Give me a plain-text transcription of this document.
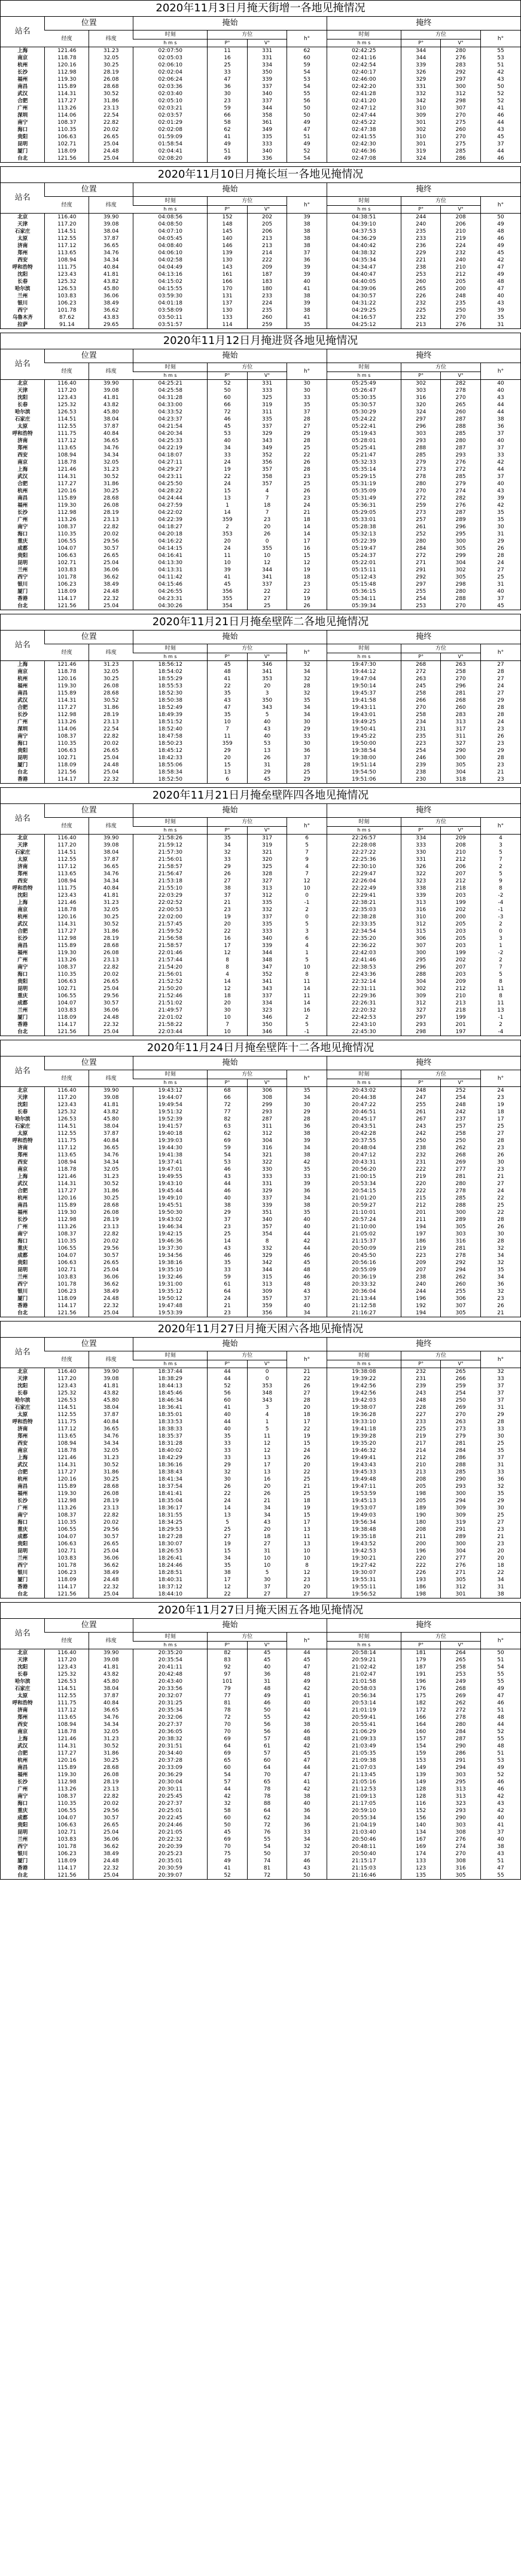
2020年11月3日月掩天街增一各地见掩情况
站名	位置		掩始				掩终			
	经度	纬度	时刻	方位		h°	时刻	方位		h°
			h m s	P°	V°		h m s	P°	V°	
上海	121.46	31.23	02:07:50	11	331	62	02:42:25	344	280	55
南京	118.78	32.05	02:05:03	16	331	60	02:41:16	344	276	53
杭州	120.16	30.25	02:06:10	25	334	59	02:42:54	339	283	51
长沙	112.98	28.19	02:02:04	33	350	54	02:40:17	326	292	42
福州	119.30	26.08	02:06:24	47	339	53	02:46:00	329	297	43
南昌	115.89	28.68	02:03:36	36	337	54	02:42:20	331	300	50
武汉	114.31	30.52	02:03:40	30	340	55	02:41:28	332	312	52
合肥	117.27	31.86	02:05:10	23	337	56	02:41:20	342	298	52
广州	113.26	23.13	02:03:21	59	344	50	02:47:12	310	307	41
深圳	114.06	22.54	02:03:57	66	358	50	02:47:44	309	270	46
南宁	108.37	22.82	02:01:29	58	361	49	02:45:22	301	275	44
海口	110.35	20.02	02:02:08	62	349	47	02:47:38	302	260	43
贵阳	106.63	26.65	01:59:09	41	335	51	02:41:55	310	270	45
昆明	102.71	25.04	01:58:54	49	333	49	02:42:30	301	275	37
厦门	118.09	24.48	02:04:41	51	340	52	02:46:36	319	285	44
台北	121.56	25.04	02:08:20	49	336	54	02:47:08	324	286	46
2020年11月10日月掩长垣一各地见掩情况
站名	位置		掩始				掩终			
	经度	纬度	时刻	方位		h°	时刻	方位		h°
			h m s	P°	V°		h m s	P°	V°	
北京	116.40	39.90	04:08:56	152	202	39	04:38:51	244	208	50
天津	117.20	39.08	04:08:50	148	205	38	04:39:10	240	206	49
石家庄	114.51	38.04	04:07:10	145	206	38	04:37:53	235	210	48
太原	112.55	37.87	04:05:45	140	213	38	04:36:29	233	219	46
济南	117.12	36.65	04:08:40	146	213	38	04:40:42	236	224	49
郑州	113.65	34.76	04:06:10	139	214	37	04:38:32	229	232	45
西安	108.94	34.34	04:02:58	130	222	36	04:35:34	221	240	42
呼和浩特	111.75	40.84	04:04:49	143	209	39	04:34:47	238	210	47
沈阳	123.43	41.81	04:13:16	161	187	39	04:40:47	253	212	49
长春	125.32	43.82	04:15:02	166	183	40	04:40:05	260	205	48
哈尔滨	126.53	45.80	04:15:55	170	180	41	04:39:06	265	200	47
兰州	103.83	36.06	03:59:30	131	233	38	04:30:57	226	248	40
银川	106.23	38.49	04:01:18	137	224	39	04:31:22	232	235	43
西宁	101.78	36.62	03:58:09	130	235	38	04:29:25	225	250	39
乌鲁木齐	87.62	43.83	03:50:11	133	260	41	04:16:57	232	270	35
拉萨	91.14	29.65	03:51:57	114	259	35	04:25:12	213	276	31
2020年11月12日月掩进贤各地见掩情况
站名	位置		掩始				掩终			
	经度	纬度	时刻	方位		h°	时刻	方位		h°
			h m s	P°	V°		h m s	P°	V°	
北京	116.40	39.90	04:25:21	52	331	30	05:25:49	302	282	40
天津	117.20	39.08	04:25:58	50	333	30	05:26:47	303	278	40
沈阳	123.43	41.81	04:31:28	60	325	33	05:30:35	316	270	43
长春	125.32	43.82	04:33:00	66	319	35	05:30:57	320	265	44
哈尔滨	126.53	45.80	04:33:52	72	311	37	05:30:29	324	260	44
石家庄	114.51	38.04	04:23:37	46	335	28	05:24:22	297	287	38
太原	112.55	37.87	04:21:54	45	337	27	05:22:41	296	288	36
呼和浩特	111.75	40.84	04:20:34	53	329	29	05:19:43	303	285	37
济南	117.12	36.65	04:25:33	40	343	28	05:28:01	293	280	40
郑州	113.65	34.76	04:22:19	34	349	25	05:25:41	288	287	37
西安	108.94	34.34	04:18:07	33	352	22	05:21:47	285	293	33
南京	118.78	32.05	04:27:11	24	356	26	05:32:33	279	276	42
上海	121.46	31.23	04:29:27	19	357	28	05:35:14	273	272	44
武汉	114.31	30.52	04:23:11	22	358	23	05:29:15	278	285	37
合肥	117.27	31.86	04:25:50	24	357	25	05:31:19	280	279	40
杭州	120.16	30.25	04:28:22	15	4	26	05:35:09	270	274	43
南昌	115.89	28.68	04:24:44	13	7	23	05:31:49	272	282	39
福州	119.30	26.08	04:27:59	1	18	24	05:36:31	259	276	42
长沙	112.98	28.19	04:22:02	14	7	21	05:29:05	273	287	35
广州	113.26	23.13	04:22:39	359	23	18	05:33:01	257	289	35
南宁	108.37	22.82	04:18:27	2	20	14	05:28:38	261	296	30
海口	110.35	20.02	04:20:18	353	26	14	05:32:13	252	295	31
重庆	106.55	29.56	04:16:22	20	0	17	05:22:39	280	300	29
成都	104.07	30.57	04:14:15	24	355	16	05:19:47	284	305	26
贵阳	106.63	26.65	04:16:41	11	10	15	05:24:37	272	299	28
昆明	102.71	25.04	04:13:30	10	12	12	05:22:01	271	304	24
兰州	103.83	36.06	04:13:31	39	344	19	05:15:11	291	302	27
西宁	101.78	36.62	04:11:42	41	341	18	05:12:43	292	305	25
银川	106.23	38.49	04:15:46	45	337	23	05:15:48	297	298	31
厦门	118.09	24.48	04:26:55	356	22	22	05:36:15	255	280	40
香港	114.17	22.32	04:23:31	355	27	19	05:34:11	254	288	37
台北	121.56	25.04	04:30:26	354	25	26	05:39:34	253	270	45
2020年11月21日月掩垒壁阵二各地见掩情况
站名	位置		掩始				掩终			
	经度	纬度	时刻	方位		h°	时刻	方位		h°
			h m s	P°	V°		h m s	P°	V°	
上海	121.46	31.23	18:56:12	45	346	32	19:47:30	268	263	27
南京	118.78	32.05	18:54:02	48	341	34	19:44:12	272	258	28
杭州	120.16	30.25	18:55:29	41	353	32	19:47:04	263	270	27
福州	119.30	26.08	18:55:53	22	20	28	19:50:14	245	296	24
南昌	115.89	28.68	18:52:30	35	3	32	19:45:37	258	281	27
武汉	114.31	30.52	18:50:38	43	350	35	19:41:58	266	268	29
合肥	117.27	31.86	18:52:49	47	343	34	19:43:11	270	260	28
长沙	112.98	28.19	18:49:39	35	5	34	19:43:01	258	283	28
广州	113.26	23.13	18:51:52	10	40	30	19:49:25	234	313	24
深圳	114.06	22.54	18:52:40	7	43	29	19:50:41	231	317	23
南宁	108.37	22.82	18:47:58	11	40	33	19:45:22	235	311	26
海口	110.35	20.02	18:50:23	359	53	30	19:50:00	223	327	23
贵阳	106.63	26.65	18:45:12	29	13	36	19:38:54	254	290	29
昆明	102.71	25.04	18:42:33	20	26	37	19:38:00	246	300	28
厦门	118.09	24.48	18:55:06	15	31	28	19:51:14	239	305	23
台北	121.56	25.04	18:58:34	13	29	25	19:54:50	238	304	21
香港	114.17	22.32	18:52:50	6	45	29	19:51:06	230	318	23
2020年11月21日月掩垒壁阵四各地见掩情况
站名	位置		掩始				掩终			
	经度	纬度	时刻	方位		h°	时刻	方位		h°
			h m s	P°	V°		h m s	P°	V°	
北京	116.40	39.90	21:58:26	35	317	6	22:26:57	334	209	4
天津	117.20	39.08	21:59:12	34	319	5	22:28:08	333	208	3
石家庄	114.51	38.04	21:57:30	32	321	7	22:27:22	330	210	5
太原	112.55	37.87	21:56:01	33	320	9	22:25:36	331	212	7
济南	117.12	36.65	21:58:57	29	325	4	22:30:10	326	206	2
郑州	113.65	34.76	21:56:47	26	328	7	22:29:47	322	207	5
西安	108.94	34.34	21:53:18	27	327	12	22:26:04	323	212	9
呼和浩特	111.75	40.84	21:55:10	38	313	10	22:22:49	338	218	8
沈阳	123.43	41.81	22:03:29	37	312	0	22:29:41	339	203	-2
上海	121.46	31.23	22:02:52	21	335	-1	22:38:21	313	199	-4
南京	118.78	32.05	22:00:53	23	332	2	22:35:03	316	202	-1
杭州	120.16	30.25	22:02:00	19	337	0	22:38:28	310	200	-3
武汉	114.31	30.52	21:57:45	20	335	5	22:33:35	312	205	2
合肥	117.27	31.86	21:59:52	22	333	3	22:34:54	315	203	0
长沙	112.98	28.19	21:56:58	16	340	6	22:35:20	306	205	3
南昌	115.89	28.68	21:58:57	17	339	4	22:36:22	307	203	1
福州	119.30	26.08	22:01:46	12	344	1	22:42:03	300	199	-2
广州	113.26	23.13	21:57:44	8	348	5	22:41:46	295	202	2
南宁	108.37	22.82	21:54:20	8	347	10	22:38:53	296	207	7
海口	110.35	20.02	21:56:01	4	352	8	22:43:36	288	203	5
贵阳	106.63	26.65	21:52:52	14	341	11	22:32:14	304	209	8
昆明	102.71	25.04	21:50:20	12	343	14	22:31:11	302	212	11
重庆	106.55	29.56	21:52:46	18	337	11	22:29:36	309	210	8
成都	104.07	30.57	21:51:02	20	334	14	22:26:31	312	213	11
兰州	103.83	36.06	21:49:57	30	323	16	22:20:32	327	218	13
厦门	118.09	24.48	22:01:02	10	346	2	22:42:53	297	199	-1
香港	114.17	22.32	21:58:22	7	350	5	22:43:10	293	201	2
台北	121.56	25.04	22:03:44	10	346	-1	22:45:30	298	197	-4
2020年11月24日月掩垒壁阵十二各地见掩情况
站名	位置		掩始				掩终			
	经度	纬度	时刻	方位		h°	时刻	方位		h°
			h m s	P°	V°		h m s	P°	V°	
北京	116.40	39.90	19:43:12	68	306	35	20:43:02	248	252	24
天津	117.20	39.08	19:44:07	66	308	34	20:44:38	247	254	23
沈阳	123.43	41.81	19:49:54	72	299	30	20:47:22	255	248	19
长春	125.32	43.82	19:51:32	77	293	29	20:46:51	261	242	18
哈尔滨	126.53	45.80	19:52:39	82	287	28	20:45:17	267	237	17
石家庄	114.51	38.04	19:41:57	63	311	36	20:43:51	243	257	25
太原	112.55	37.87	19:40:18	62	312	38	20:42:28	242	258	27
呼和浩特	111.75	40.84	19:39:03	69	304	39	20:37:55	250	250	28
济南	117.12	36.65	19:44:30	59	316	34	20:48:04	238	262	23
郑州	113.65	34.76	19:41:38	54	321	38	20:47:12	232	268	26
西安	108.94	34.34	19:37:41	53	322	42	20:43:31	231	269	30
南京	118.78	32.05	19:47:01	46	330	35	20:56:20	222	277	23
上海	121.46	31.23	19:49:55	43	333	33	21:00:15	219	281	21
武汉	114.31	30.52	19:43:10	44	331	39	20:53:34	220	280	27
合肥	117.27	31.86	19:45:44	46	329	36	20:54:15	222	278	24
杭州	120.16	30.25	19:49:10	40	337	34	21:01:20	215	285	22
南昌	115.89	28.68	19:45:51	38	339	38	20:59:27	212	288	25
福州	119.30	26.08	19:50:30	29	351	35	21:10:01	201	300	22
长沙	112.98	28.19	19:43:02	37	340	40	20:57:24	211	289	28
广州	113.26	23.13	19:46:34	23	357	40	21:10:00	194	305	26
南宁	108.37	22.82	19:42:15	25	354	44	21:05:02	197	303	30
海口	110.35	20.02	19:46:36	14	8	42	21:15:37	186	316	28
重庆	106.55	29.56	19:37:30	43	332	44	20:50:09	219	281	32
成都	104.07	30.57	19:34:56	46	329	46	20:45:50	223	278	34
贵阳	106.63	26.65	19:38:16	35	342	45	20:56:16	209	292	32
昆明	102.71	25.04	19:35:10	33	344	48	20:55:09	207	294	35
兰州	103.83	36.06	19:32:46	59	315	46	20:36:19	238	262	34
西宁	101.78	36.62	19:31:00	61	313	48	20:33:32	240	260	36
银川	106.23	38.49	19:35:12	64	309	43	20:36:04	244	255	32
厦门	118.09	24.48	19:50:12	24	357	37	21:13:44	196	306	23
香港	114.17	22.32	19:47:48	21	359	40	21:12:58	192	307	26
台北	121.56	25.04	19:53:39	23	356	34	21:16:27	194	305	21
2020年11月27日月掩天困六各地见掩情况
站名	位置		掩始				掩终			
	经度	纬度	时刻	方位		h°	时刻	方位		h°
			h m s	P°	V°		h m s	P°	V°	
北京	116.40	39.90	18:37:44	44	0	21	19:38:08	232	265	32
天津	117.20	39.08	18:38:29	44	0	22	19:39:22	231	266	33
沈阳	123.43	41.81	18:44:13	52	353	26	19:42:56	239	259	37
长春	125.32	43.82	18:45:46	56	348	27	19:42:56	243	254	37
哈尔滨	126.53	45.80	18:46:34	60	343	28	19:42:03	248	250	37
石家庄	114.51	38.04	18:36:41	41	3	20	19:38:07	228	269	31
太原	112.55	37.87	18:35:01	40	4	18	19:36:28	227	270	29
呼和浩特	111.75	40.84	18:33:53	44	1	17	19:33:10	233	263	28
济南	117.12	36.65	18:38:33	40	5	22	19:41:18	225	273	33
郑州	113.65	34.76	18:35:37	35	11	19	19:39:28	219	279	30
西安	108.94	34.34	18:31:28	33	12	15	19:35:20	217	281	25
南京	118.78	32.05	18:40:02	33	12	24	19:46:32	214	284	35
上海	121.46	31.23	18:42:29	33	13	26	19:49:41	212	286	37
武汉	114.31	30.52	18:36:16	29	17	20	19:43:43	210	288	31
合肥	117.27	31.86	18:38:43	32	13	22	19:45:33	213	285	33
杭州	120.16	30.25	18:41:34	30	16	25	19:49:48	208	290	36
南昌	115.89	28.68	18:37:54	26	20	21	19:47:11	205	293	32
福州	119.30	26.08	18:41:41	22	26	25	19:53:59	198	300	35
长沙	112.98	28.19	18:35:04	24	21	18	19:45:13	205	294	29
广州	113.26	23.13	18:36:17	14	34	19	19:53:07	189	309	30
南宁	108.37	22.82	18:31:55	13	34	15	19:49:03	190	309	25
海口	110.35	20.02	18:34:25	5	43	17	19:56:34	180	319	27
重庆	106.55	29.56	18:29:53	25	20	13	19:38:48	208	291	23
成都	104.07	30.57	18:27:28	27	18	11	19:35:18	211	289	21
贵阳	106.63	26.65	18:30:07	19	27	13	19:43:52	200	300	23
昆明	102.71	25.04	18:26:53	15	31	10	19:42:53	196	304	20
兰州	103.83	36.06	18:26:41	34	10	10	19:30:21	220	277	20
西宁	101.78	36.62	18:24:46	35	10	8	19:27:42	222	276	18
银川	106.23	38.49	18:28:51	38	5	12	19:30:07	226	271	22
厦门	118.09	24.48	18:40:31	17	30	23	19:55:31	193	305	34
香港	114.17	22.32	18:37:12	12	37	20	19:55:11	186	312	31
台北	121.56	25.04	18:44:10	22	27	27	19:56:52	198	301	38
2020年11月27日月掩天困五各地见掩情况
站名	位置		掩始				掩终			
	经度	纬度	时刻	方位		h°	时刻	方位		h°
			h m s	P°	V°		h m s	P°	V°	
北京	116.40	39.90	20:35:20	82	45	44	20:58:14	181	264	50
天津	117.20	39.08	20:35:54	83	45	45	20:59:21	179	265	51
沈阳	123.43	41.81	20:41:11	92	40	47	21:02:42	187	258	54
长春	125.32	43.82	20:42:48	97	36	48	21:02:47	191	253	55
哈尔滨	126.53	45.80	20:43:40	101	31	49	21:01:58	196	249	55
石家庄	114.51	38.04	20:33:56	79	48	42	20:58:03	176	268	49
太原	112.55	37.87	20:32:07	77	49	41	20:56:34	175	269	47
呼和浩特	111.75	40.84	20:31:25	81	46	40	20:53:14	182	262	46
济南	117.12	36.65	20:35:34	78	50	44	21:01:19	172	272	51
郑州	113.65	34.76	20:32:06	72	55	42	20:59:41	166	278	48
西安	108.94	34.34	20:27:37	70	56	38	20:55:41	164	280	44
南京	118.78	32.05	20:36:05	70	56	46	21:06:29	160	284	52
上海	121.46	31.23	20:38:32	69	57	48	21:09:33	157	287	55
武汉	114.31	30.52	20:31:51	64	61	42	21:03:49	154	290	48
合肥	117.27	31.86	20:34:40	69	57	45	21:05:35	159	286	51
杭州	120.16	30.25	20:37:28	65	60	47	21:09:38	153	291	53
南昌	115.89	28.68	20:33:09	60	64	44	21:07:03	149	294	49
福州	119.30	26.08	20:36:29	54	70	47	21:13:45	139	303	52
长沙	112.98	28.19	20:30:04	57	65	41	21:05:16	149	295	46
广州	113.26	23.13	20:30:11	44	78	42	21:12:53	128	313	46
南宁	108.37	22.82	20:25:45	42	78	38	21:09:13	128	313	42
海口	110.35	20.02	20:27:37	32	88	40	21:17:05	116	323	43
重庆	106.55	29.56	20:25:01	58	64	36	20:59:10	152	293	42
成都	104.07	30.57	20:22:45	60	62	34	20:55:34	156	290	40
贵阳	106.63	26.65	20:24:46	50	72	36	21:04:19	140	303	41
昆明	102.71	25.04	20:21:05	45	76	33	21:03:40	134	308	37
兰州	103.83	36.06	20:22:32	69	55	34	20:50:46	167	276	40
西宁	101.78	36.62	20:20:39	70	54	32	20:48:11	169	274	38
银川	106.23	38.49	20:25:23	75	50	37	20:50:40	174	270	43
厦门	118.09	24.48	20:35:01	49	74	46	21:15:17	133	308	51
香港	114.17	22.32	20:30:59	41	81	43	21:15:03	123	316	47
台北	121.56	25.04	20:39:07	52	72	50	21:16:46	135	305	55
